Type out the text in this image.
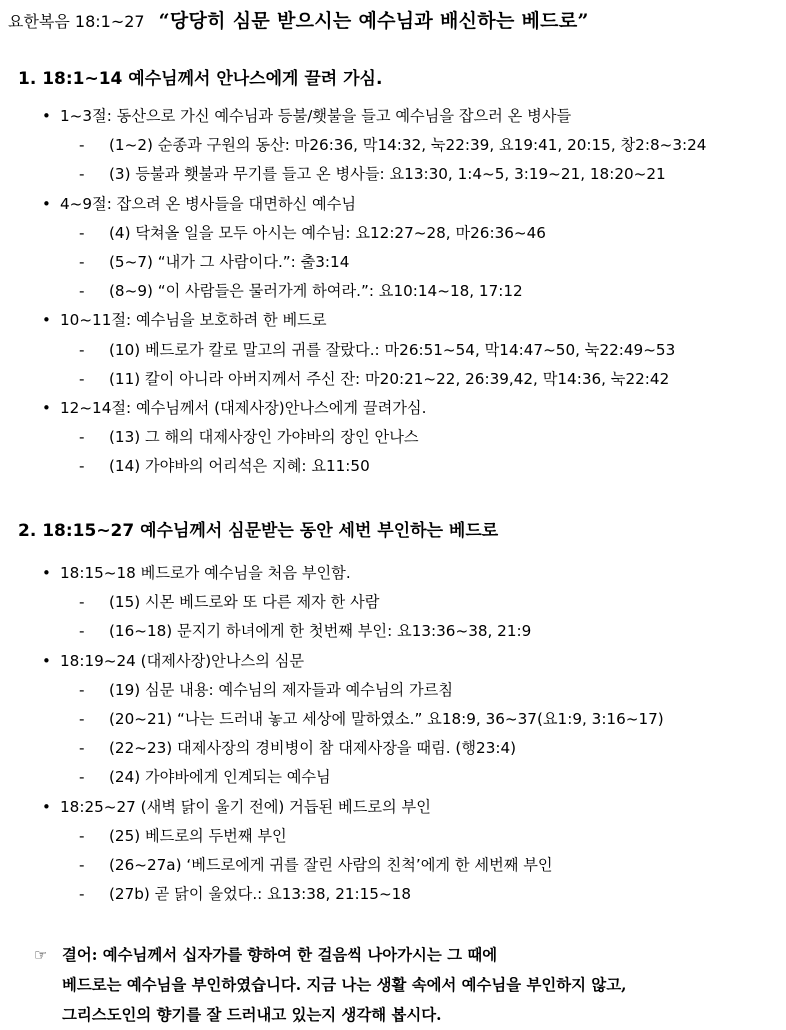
요한복음 18:1~27 “당당히 심문 받으시는 예수님과 배신하는 베드로”
1. 18:1~14 예수님께서 안나스에게 끌려 가심.
• 1~3절: 동산으로 가신 예수님과 등불/횃불을 들고 예수님을 잡으러 온 병사들
- (1~2) 순종과 구원의 동산: 마26:36, 막14:32, 눅22:39, 요19:41, 20:15, 창2:8~3:24
- (3) 등불과 횃불과 무기를 들고 온 병사들: 요13:30, 1:4~5, 3:19~21, 18:20~21
• 4~9절: 잡으려 온 병사들을 대면하신 예수님
- (4) 닥쳐올 일을 모두 아시는 예수님: 요12:27~28, 마26:36~46
- (5~7) “내가 그 사람이다.”: 출3:14
- (8~9) “이 사람들은 물러가게 하여라.”: 요10:14~18, 17:12
• 10~11절: 예수님을 보호하려 한 베드로
- (10) 베드로가 칼로 말고의 귀를 잘랐다.: 마26:51~54, 막14:47~50, 눅22:49~53
- (11) 칼이 아니라 아버지께서 주신 잔: 마20:21~22, 26:39,42, 막14:36, 눅22:42
• 12~14절: 예수님께서 (대제사장)안나스에게 끌려가심.
- (13) 그 해의 대제사장인 가야바의 장인 안나스
- (14) 가야바의 어리석은 지혜: 요11:50
2. 18:15~27 예수님께서 심문받는 동안 세번 부인하는 베드로
• 18:15~18 베드로가 예수님을 처음 부인함.
- (15) 시몬 베드로와 또 다른 제자 한 사람
- (16~18) 문지기 하녀에게 한 첫번째 부인: 요13:36~38, 21:9
• 18:19~24 (대제사장)안나스의 심문
- (19) 심문 내용: 예수님의 제자들과 예수님의 가르침
- (20~21) “나는 드러내 놓고 세상에 말하였소.” 요18:9, 36~37(요1:9, 3:16~17)
- (22~23) 대제사장의 경비병이 참 대제사장을 때림. (행23:4)
- (24) 가야바에게 인계되는 예수님
• 18:25~27 (새벽 닭이 울기 전에) 거듭된 베드로의 부인
- (25) 베드로의 두번째 부인
- (26~27a) ‘베드로에게 귀를 잘린 사람의 친척’에게 한 세번째 부인
- (27b) 곧 닭이 울었다.: 요13:38, 21:15~18
☞ 결어: 예수님께서 십자가를 향하여 한 걸음씩 나아가시는 그 때에
베드로는 예수님을 부인하였습니다. 지금 나는 생활 속에서 예수님을 부인하지 않고,
그리스도인의 향기를 잘 드러내고 있는지 생각해 봅시다.
